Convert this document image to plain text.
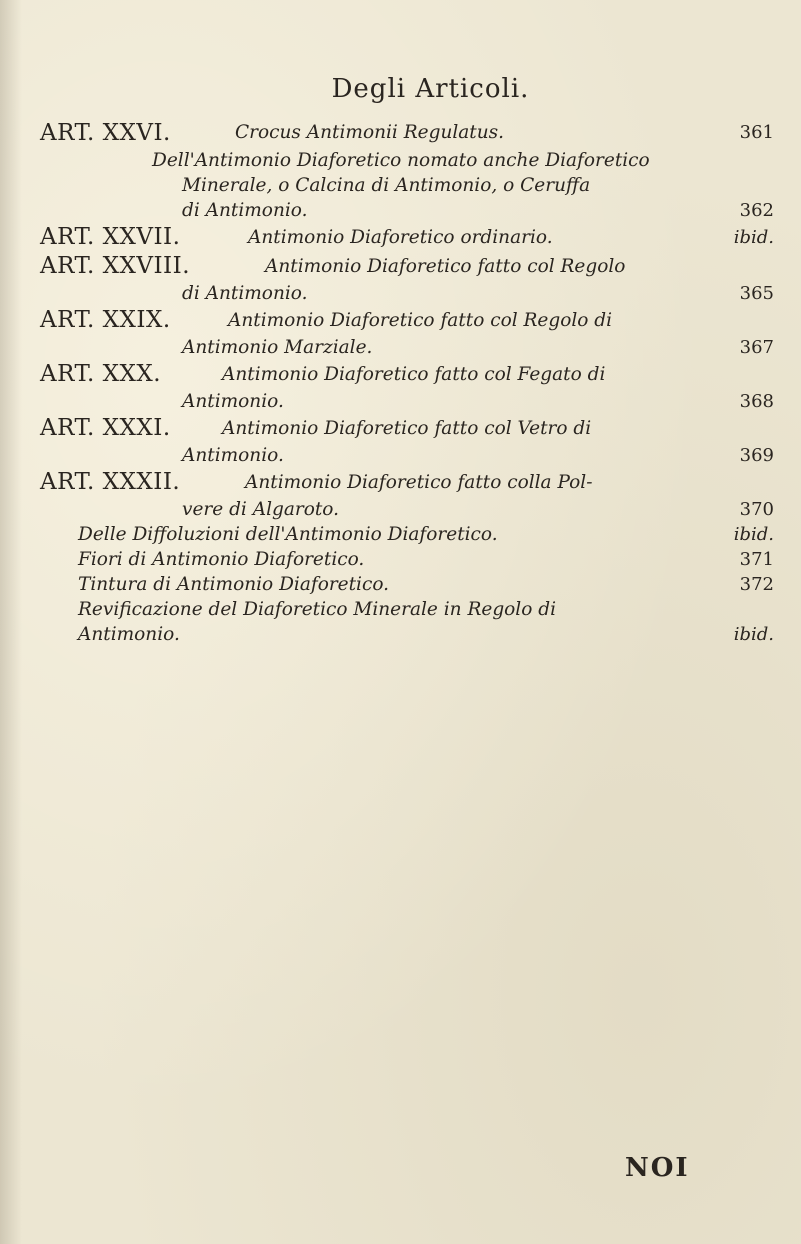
Degli Articoli.
ART. XXVI.	Crocus Antimonii Regulatus.	361
Dell'Antimonio Diaforetico nomato anche Diaforetico
Minerale, o Calcina di Antimonio, o Ceruffa
di Antimonio.	362
ART. XXVII.	Antimonio Diaforetico ordinario.	ibid.
ART. XXVIII.	Antimonio Diaforetico fatto col Regolo
di Antimonio.	365
ART. XXIX.	Antimonio Diaforetico fatto col Regolo di
Antimonio Marziale.	367
ART. XXX.	Antimonio Diaforetico fatto col Fegato di
Antimonio.	368
ART. XXXI.	Antimonio Diaforetico fatto col Vetro di
Antimonio.	369
ART. XXXII.	Antimonio Diaforetico fatto colla Pol-
vere di Algaroto.	370
Delle Diffoluzioni dell'Antimonio Diaforetico.	ibid.
Fiori di Antimonio Diaforetico.	371
Tintura di Antimonio Diaforetico.	372
Revificazione del Diaforetico Minerale in Regolo di
Antimonio.	ibid.
NOI
